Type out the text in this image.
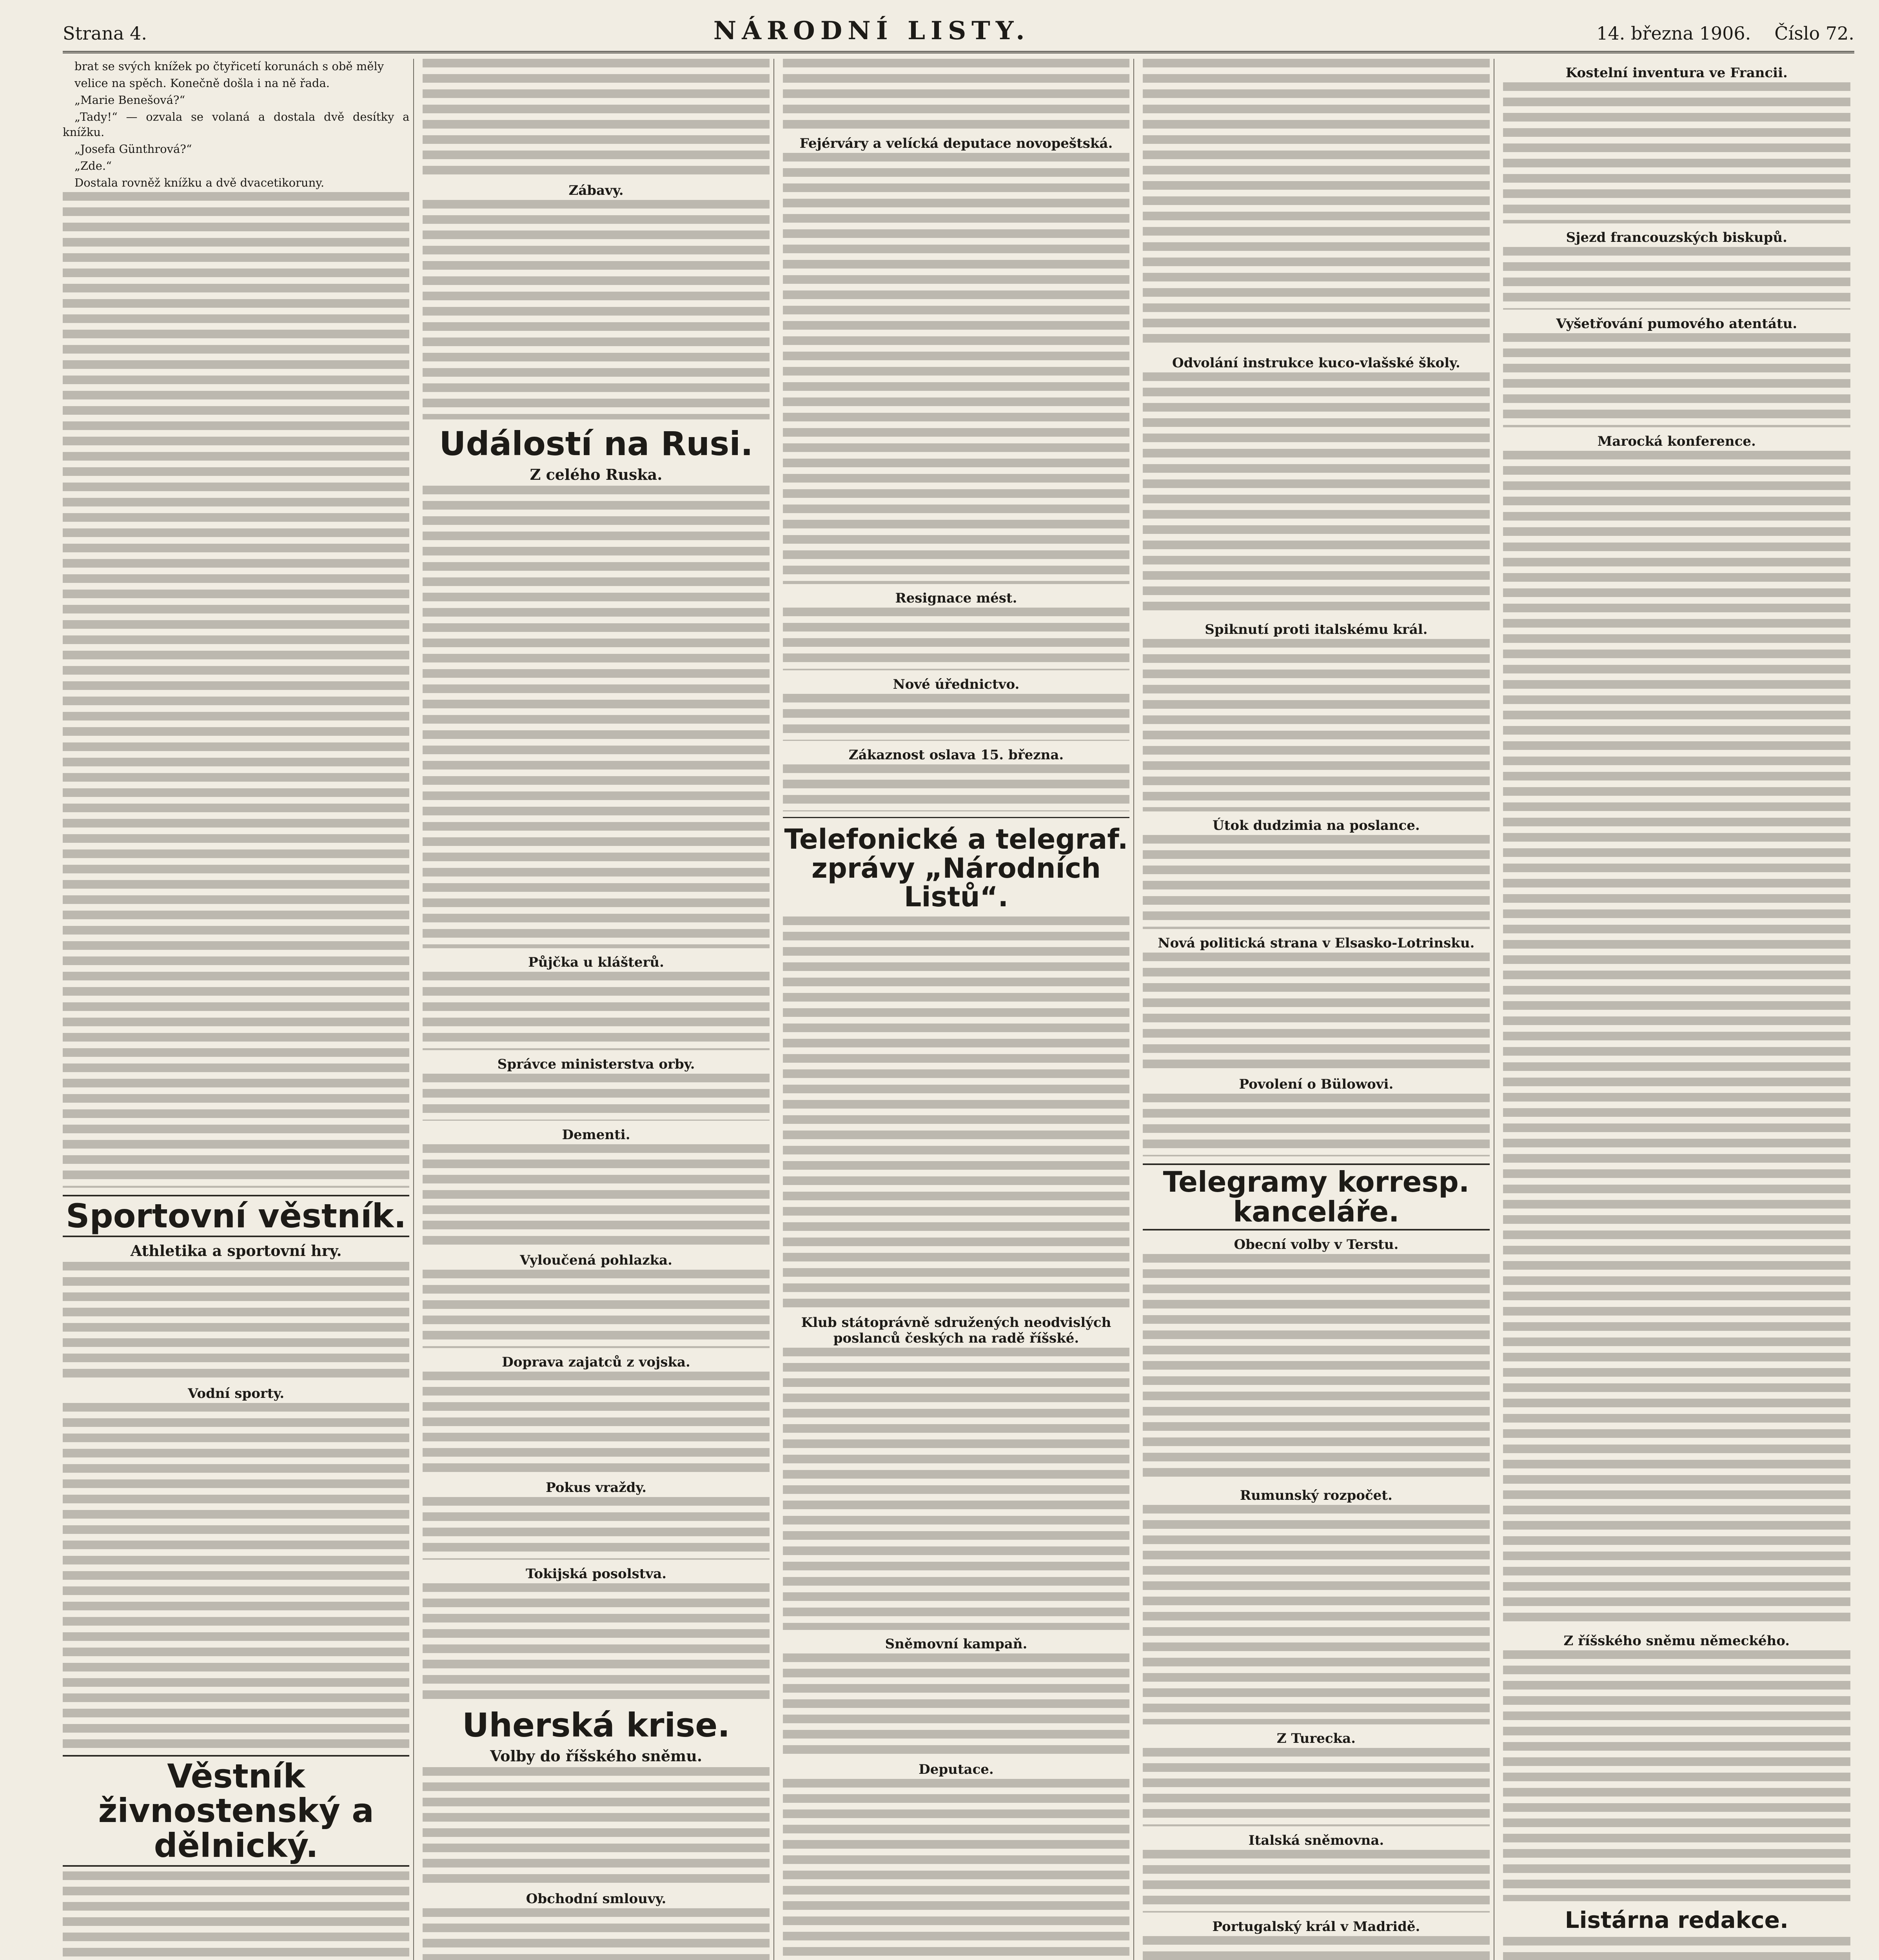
Strana 4.	NÁRODNÍ LISTY.	14. března 1906. Číslo 72.
brat se svých knížek po čtyřicetí korunách s obě měly
velice na spěch. Konečně došla i na ně řada.
„Marie Benešová?“
„Tady!“ — ozvala se volaná a dostala dvě desítky a knížku.
„Josefa Günthrová?“
„Zde.“
Dostala rovněž knížku a dvě dvacetikoruny.
Sportovní věstník.
Athletika a sportovní hry.
Vodní sporty.
Věstník živnostenský a dělnický.
Zábavy.
Událostí na Rusi.
Z celého Ruska.
Půjčka u klášterů.
Správce ministerstva orby.
Dementi.
Vyloučená pohlazka.
Doprava zajatců z vojska.
Pokus vraždy.
Tokijská posolstva.
Uherská krise.
Volby do říšského sněmu.
Obchodní smlouvy.
Fejérváry a velícká deputace novopeštská.
Resignace mést.
Nové úřednictvo.
Zákaznost oslava 15. března.
Telefonické a telegraf. zprávy „Národních Listů“.
Klub státoprávně sdružených neodvislých poslanců českých na radě říšské.
Sněmovní kampaň.
Deputace.
Odvolání instrukce kuco-vlašské školy.
Spiknutí proti italskému král.
Útok dudzimia na poslance.
Nová politická strana v Elsasko-Lotrinsku.
Povolení o Bülowovi.
Telegramy korresp. kanceláře.
Obecní volby v Terstu.
Rumunský rozpočet.
Z Turecka.
Italská sněmovna.
Portugalský král v Madridě.
Kostelní inventura ve Francii.
Sjezd francouzských biskupů.
Vyšetřování pumového atentátu.
Marocká konference.
Z říšského sněmu německého.
Listárna redakce.
